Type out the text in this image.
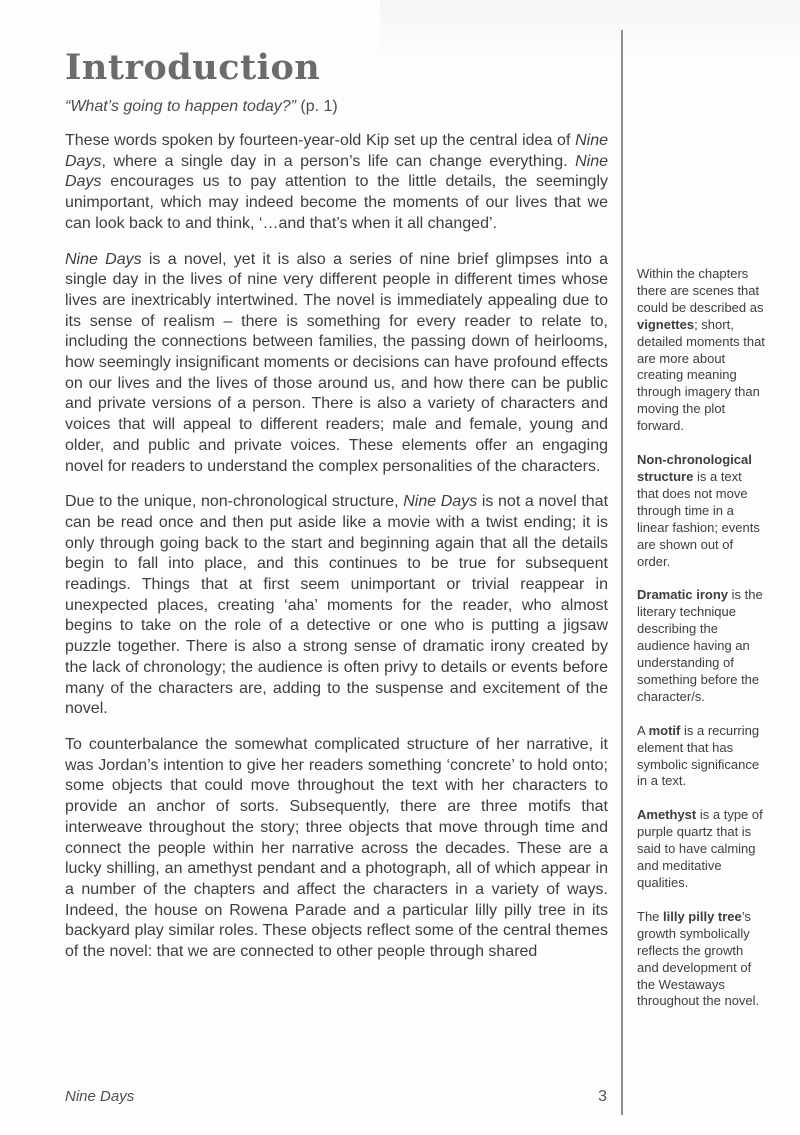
Introduction
“What’s going to happen today?” (p. 1)

These words spoken by fourteen-year-old Kip set up the central idea of Nine Days, where a single day in a person’s life can change everything. Nine Days encourages us to pay attention to the little details, the seemingly unimportant, which may indeed become the moments of our lives that we can look back to and think, ‘…and that’s when it all changed’.

Nine Days is a novel, yet it is also a series of nine brief glimpses into a single day in the lives of nine very different people in different times whose lives are inextricably intertwined. The novel is immediately appealing due to its sense of realism – there is something for every reader to relate to, including the connections between families, the passing down of heirlooms, how seemingly insignificant moments or decisions can have profound effects on our lives and the lives of those around us, and how there can be public and private versions of a person. There is also a variety of characters and voices that will appeal to different readers; male and female, young and older, and public and private voices. These elements offer an engaging novel for readers to understand the complex personalities of the characters.

Due to the unique, non-chronological structure, Nine Days is not a novel that can be read once and then put aside like a movie with a twist ending; it is only through going back to the start and beginning again that all the details begin to fall into place, and this continues to be true for subsequent readings. Things that at first seem unimportant or trivial reappear in unexpected places, creating ‘aha’ moments for the reader, who almost begins to take on the role of a detective or one who is putting a jigsaw puzzle together. There is also a strong sense of dramatic irony created by the lack of chronology; the audience is often privy to details or events before many of the characters are, adding to the suspense and excitement of the novel.

To counterbalance the somewhat complicated structure of her narrative, it was Jordan’s intention to give her readers something ‘concrete’ to hold onto; some objects that could move throughout the text with her characters to provide an anchor of sorts. Subsequently, there are three motifs that interweave throughout the story; three objects that move through time and connect the people within her narrative across the decades. These are a lucky shilling, an amethyst pendant and a photograph, all of which appear in a number of the chapters and affect the characters in a variety of ways. Indeed, the house on Rowena Parade and a particular lilly pilly tree in its backyard play similar roles. These objects reflect some of the central themes of the novel: that we are connected to other people through shared

Within the chapters there are scenes that could be described as vignettes; short, detailed moments that are more about creating meaning through imagery than moving the plot forward.
Non-chronological structure is a text that does not move through time in a linear fashion; events are shown out of order.
Dramatic irony is the literary technique describing the audience having an understanding of something before the character/s.
A motif is a recurring element that has symbolic significance in a text.
Amethyst is a type of purple quartz that is said to have calming and meditative qualities.
The lilly pilly tree’s growth symbolically reflects the growth and development of the Westaways throughout the novel.
Nine Days	3
